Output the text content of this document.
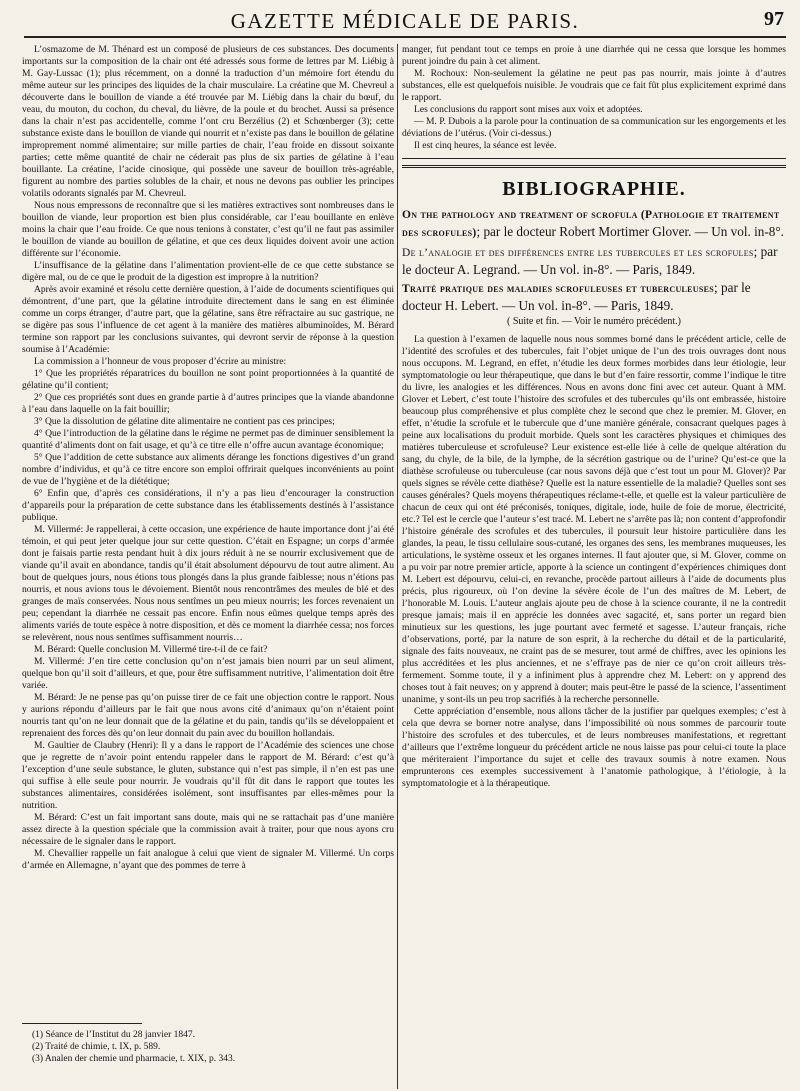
GAZETTE MÉDICALE DE PARIS.	97

L’osmazome de M. Thénard est un composé de plusieurs de ces substances. Des documents importants sur la composition de la chair ont été adressés sous forme de lettres par M. Liébig à M. Gay-Lussac (1); plus récemment, on a donné la traduction d’un mémoire fort étendu du même auteur sur les principes des liquides de la chair musculaire. La créatine que M. Chevreul a découverte dans le bouillon de viande a été trouvée par M. Liébig dans la chair du bœuf, du veau, du mouton, du cochon, du cheval, du lièvre, de la poule et du brochet. Aussi sa présence dans la chair n’est pas accidentelle, comme l’ont cru Berzélius (2) et Schœnberger (3); cette substance existe dans le bouillon de viande qui nourrit et n’existe pas dans le bouillon de gélatine improprement nommé alimentaire; sur mille parties de chair, l’eau froide en dissout soixante parties; cette même quantité de chair ne céderait pas plus de six parties de gélatine à l’eau bouillante. La créatine, l’acide cinosique, qui possède une saveur de bouillon très-agréable, figurent au nombre des parties solubles de la chair, et nous ne devons pas oublier les principes volatils odorants signalés par M. Chevreul.

Nous nous empressons de reconnaître que si les matières extractives sont nombreuses dans le bouillon de viande, leur proportion est bien plus considérable, car l’eau bouillante en enlève moins la chair que l’eau froide. Ce que nous tenions à constater, c’est qu’il ne faut pas assimiler le bouillon de viande au bouillon de gélatine, et que ces deux liquides doivent avoir une action différente sur l’économie.

L’insuffisance de la gélatine dans l’alimentation provient-elle de ce que cette substance se digère mal, ou de ce que le produit de la digestion est impropre à la nutrition?

Après avoir examiné et résolu cette dernière question, à l’aide de documents scientifiques qui démontrent, d’une part, que la gélatine introduite directement dans le sang en est éliminée comme un corps étranger, d’autre part, que la gélatine, sans être réfractaire au suc gastrique, ne se digère pas sous l’influence de cet agent à la manière des matières albuminoïdes, M. Bérard termine son rapport par les conclusions suivantes, qui devront servir de réponse à la question soumise à l’Académie:

La commission a l’honneur de vous proposer d’écrire au ministre:

1° Que les propriétés réparatrices du bouillon ne sont point proportionnées à la quantité de gélatine qu’il contient;

2° Que ces propriétés sont dues en grande partie à d’autres principes que la viande abandonne à l’eau dans laquelle on la fait bouillir;

3° Que la dissolution de gélatine dite alimentaire ne contient pas ces principes;

4° Que l’introduction de la gélatine dans le régime ne permet pas de diminuer sensiblement la quantité d’aliments dont on fait usage, et qu’à ce titre elle n’offre aucun avantage économique;

5° Que l’addition de cette substance aux aliments dérange les fonctions digestives d’un grand nombre d’individus, et qu’à ce titre encore son emploi offrirait quelques inconvénients au point de vue de l’hygiène et de la diététique;

6° Enfin que, d’après ces considérations, il n’y a pas lieu d’encourager la construction d’appareils pour la préparation de cette substance dans les établissements destinés à l’assistance publique.

M. Villermé: Je rappellerai, à cette occasion, une expérience de haute importance dont j’ai été témoin, et qui peut jeter quelque jour sur cette question. C’était en Espagne; un corps d’armée dont je faisais partie resta pendant huit à dix jours réduit à ne se nourrir exclusivement que de viande qu’il avait en abondance, tandis qu’il était absolument dépourvu de tout autre aliment. Au bout de quelques jours, nous étions tous plongés dans la plus grande faiblesse; nous n’étions pas nourris, et nous avions tous le dévoiement. Bientôt nous rencontrâmes des meules de blé et des granges de maïs conservées. Nous nous sentîmes un peu mieux nourris; les forces revenaient un peu; cependant la diarrhée ne cessait pas encore. Enfin nous eûmes quelque temps après des aliments variés de toute espèce à notre disposition, et dès ce moment la diarrhée cessa; nos forces se relevèrent, nous nous sentîmes suffisamment nourris…

M. Bérard: Quelle conclusion M. Villermé tire-t-il de ce fait?

M. Villermé: J’en tire cette conclusion qu’on n’est jamais bien nourri par un seul aliment, quelque bon qu’il soit d’ailleurs, et que, pour être suffisamment nutritive, l’alimentation doit être variée.

M. Bérard: Je ne pense pas qu’on puisse tirer de ce fait une objection contre le rapport. Nous y aurions répondu d’ailleurs par le fait que nous avons cité d’animaux qu’on n’étaient point nourris tant qu’on ne leur donnait que de la gélatine et du pain, tandis qu’ils se développaient et reprenaient des forces dès qu’on leur donnait du pain avec du bouillon hollandais.

M. Gaultier de Claubry (Henri): Il y a dans le rapport de l’Académie des sciences une chose que je regrette de n’avoir point entendu rappeler dans le rapport de M. Bérard: c’est qu’à l’exception d’une seule substance, le gluten, substance qui n’est pas simple, il n’en est pas une qui suffise à elle seule pour nourrir. Je voudrais qu’il fût dit dans le rapport que toutes les substances alimentaires, considérées isolément, sont insuffisantes par elles-mêmes pour la nutrition.

M. Bérard: C’est un fait important sans doute, mais qui ne se rattachait pas d’une manière assez directe à la question spéciale que la commission avait à traiter, pour que nous ayons cru nécessaire de le signaler dans le rapport.

M. Chevallier rappelle un fait analogue à celui que vient de signaler M. Villermé. Un corps d’armée en Allemagne, n’ayant que des pommes de terre à

(1) Séance de l’Institut du 28 janvier 1847.
(2) Traité de chimie, t. IX, p. 589.
(3) Analen der chemie und pharmacie, t. XIX, p. 343.

manger, fut pendant tout ce temps en proie à une diarrhée qui ne cessa que lorsque les hommes purent joindre du pain à cet aliment.

M. Rochoux: Non-seulement la gélatine ne peut pas pas nourrir, mais jointe à d’autres substances, elle est quelquefois nuisible. Je voudrais que ce fait fût plus explicitement exprimé dans le rapport.

Les conclusions du rapport sont mises aux voix et adoptées.

— M. P. Dubois a la parole pour la continuation de sa communication sur les engorgements et les déviations de l’utérus. (Voir ci-dessus.)

Il est cinq heures, la séance est levée.

BIBLIOGRAPHIE.

On the pathology and treatment of scrofula (Pathologie et traitement des scrofules); par le docteur Robert Mortimer Glover. — Un vol. in-8°.

De l’analogie et des différences entre les tubercules et les scrofules; par le docteur A. Legrand. — Un vol. in-8°. — Paris, 1849.

Traité pratique des maladies scrofuleuses et tuberculeuses; par le docteur H. Lebert. — Un vol. in-8°. — Paris, 1849.

( Suite et fin. — Voir le numéro précédent.)

La question à l’examen de laquelle nous nous sommes borné dans le précédent article, celle de l’identité des scrofules et des tubercules, fait l’objet unique de l’un des trois ouvrages dont nous nous occupons. M. Legrand, en effet, n’étudie les deux formes morbides dans leur étiologie, leur symptomatologie ou leur thérapeutique, que dans le but d’en faire ressortir, comme l’indique le titre du livre, les analogies et les différences. Nous en avons donc fini avec cet auteur. Quant à MM. Glover et Lebert, c’est toute l’histoire des scrofules et des tubercules qu’ils ont embrassée, histoire beaucoup plus compréhensive et plus complète chez le second que chez le premier. M. Glover, en effet, n’étudie la scrofule et le tubercule que d’une manière générale, consacrant quelques pages à peine aux localisations du produit morbide. Quels sont les caractères physiques et chimiques des matières tuberculeuse et scrofuleuse? Leur existence est-elle liée à celle de quelque altération du sang, du chyle, de la bile, de la lymphe, de la sécrétion gastrique ou de l’urine? Qu’est-ce que la diathèse scrofuleuse ou tuberculeuse (car nous savons déjà que c’est tout un pour M. Glover)? Par quels signes se révèle cette diathèse? Quelle est la nature essentielle de la maladie? Quelles sont ses causes générales? Quels moyens thérapeutiques réclame-t-elle, et quelle est la valeur particulière de chacun de ceux qui ont été préconisés, toniques, digitale, iode, huile de foie de morue, électricité, etc.? Tel est le cercle que l’auteur s’est tracé. M. Lebert ne s’arrête pas là; non content d’approfondir l’histoire générale des scrofules et des tubercules, il poursuit leur histoire particulière dans les glandes, la peau, le tissu cellulaire sous-cutané, les organes des sens, les membranes muqueuses, les articulations, le système osseux et les organes internes. Il faut ajouter que, si M. Glover, comme on a pu voir par notre premier article, apporte à la science un contingent d’expériences chimiques dont M. Lebert est dépourvu, celui-ci, en revanche, procède partout ailleurs à l’aide de documents plus précis, plus rigoureux, où l’on devine la sévère école de l’un des maîtres de M. Lebert, de l’honorable M. Louis. L’auteur anglais ajoute peu de chose à la science courante, il ne la contredit presque jamais; mais il en apprécie les données avec sagacité, et, sans porter un regard bien minutieux sur les questions, les juge pourtant avec fermeté et sagesse. L’auteur français, riche d’observations, porté, par la nature de son esprit, à la recherche du détail et de la particularité, signale des faits nouveaux, ne craint pas de se mesurer, tout armé de chiffres, avec les opinions les plus accréditées et les plus anciennes, et ne s’effraye pas de nier ce qu’on croit ailleurs très-fermement. Somme toute, il y a infiniment plus à apprendre chez M. Lebert: on y apprend des choses tout à fait neuves; on y apprend à douter; mais peut-être le passé de la science, l’assentiment unanime, y sont-ils un peu trop sacrifiés à la recherche personnelle.

Cette appréciation d’ensemble, nous allons tâcher de la justifier par quelques exemples; c’est à cela que devra se borner notre analyse, dans l’impossibilité où nous sommes de parcourir toute l’histoire des scrofules et des tubercules, et de leurs nombreuses manifestations, et regrettant d’ailleurs que l’extrême longueur du précédent article ne nous laisse pas pour celui-ci toute la place que mériteraient l’importance du sujet et celle des travaux soumis à notre examen. Nous emprunterons ces exemples successivement à l’anatomie pathologique, à l’étiologie, à la symptomatologie et à la thérapeutique.
